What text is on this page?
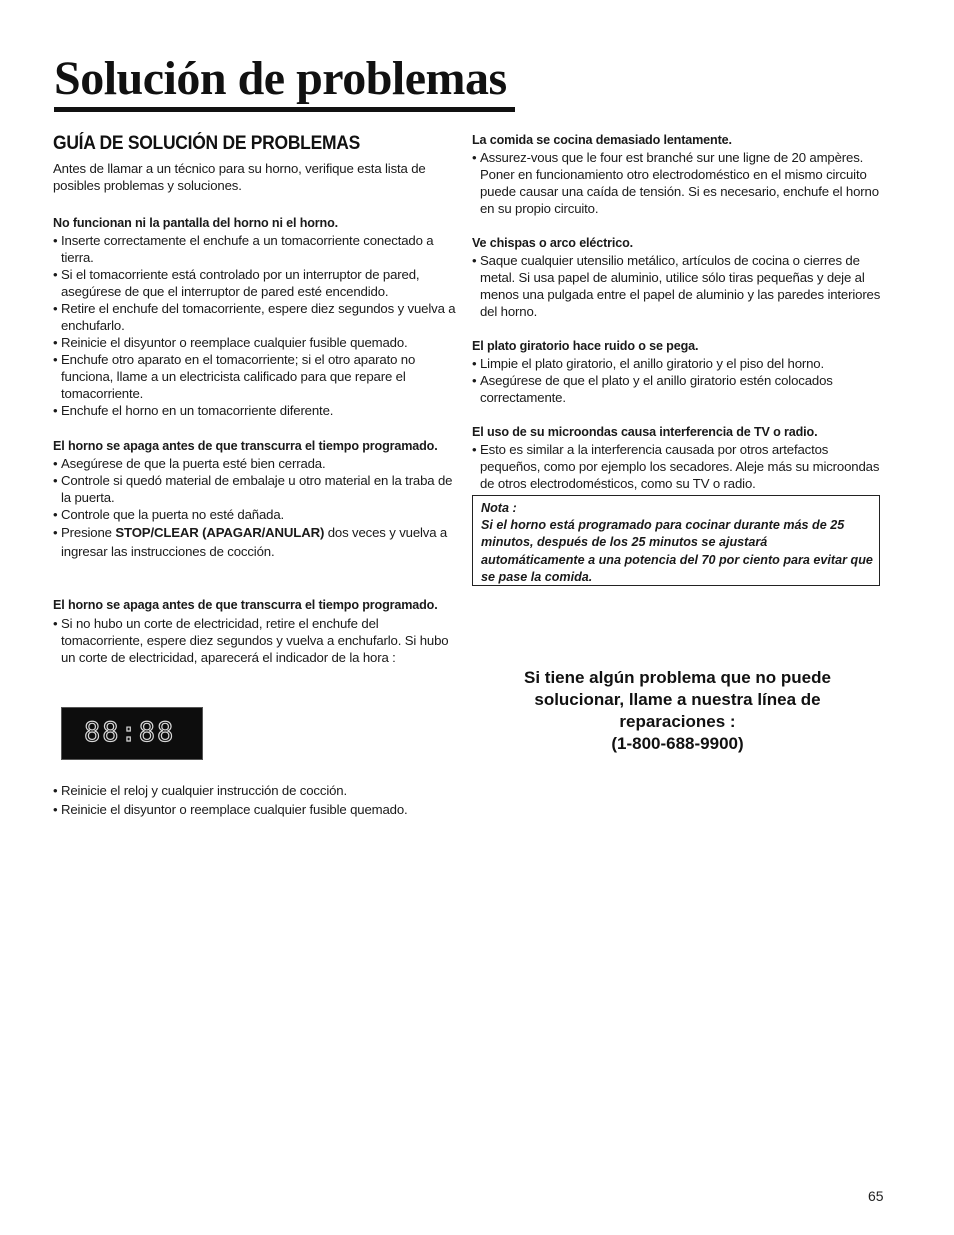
Solución de problemas
GUÍA DE SOLUCIÓN DE PROBLEMAS

Antes de llamar a un técnico para su horno, verifique esta lista de posibles problemas y soluciones.

No funcionan ni la pantalla del horno ni el horno.

• Inserte correctamente el enchufe a un tomacorriente conectado a tierra.
• Si el tomacorriente está controlado por un interruptor de pared, asegúrese de que el interruptor de pared esté encendido.
• Retire el enchufe del tomacorriente, espere diez segundos y vuelva a enchufarlo.
• Reinicie el disyuntor o reemplace cualquier fusible quemado.
• Enchufe otro aparato en el tomacorriente; si el otro aparato no funciona, llame a un electricista calificado para que repare el tomacorriente.
• Enchufe el horno en un tomacorriente diferente.

El horno se apaga antes de que transcurra el tiempo programado.

• Asegúrese de que la puerta esté bien cerrada.
• Controle si quedó material de embalaje u otro material en la traba de la puerta.
• Controle que la puerta no esté dañada.
• Presione STOP/CLEAR (APAGAR/ANULAR) dos veces y vuelva a ingresar las instrucciones de cocción.

El horno se apaga antes de que transcurra el tiempo programado.

• Si no hubo un corte de electricidad, retire el enchufe del tomacorriente, espere diez segundos y vuelva a enchufarlo. Si hubo un corte de electricidad, aparecerá el indicador de la hora :
88:88
• Reinicie el reloj y cualquier instrucción de cocción.
• Reinicie el disyuntor o reemplace cualquier fusible quemado.

La comida se cocina demasiado lentamente.

• Assurez-vous que le four est branché sur une ligne de 20 ampères. Poner en funcionamiento otro electrodoméstico en el mismo circuito puede causar una caída de tensión. Si es necesario, enchufe el horno en su propio circuito.

Ve chispas o arco eléctrico.

• Saque cualquier utensilio metálico, artículos de cocina o cierres de metal. Si usa papel de aluminio, utilice sólo tiras pequeñas y deje al menos una pulgada entre el papel de aluminio y las paredes interiores del horno.

El plato giratorio hace ruido o se pega.

• Limpie el plato giratorio, el anillo giratorio y el piso del horno.
• Asegúrese de que el plato y el anillo giratorio estén colocados correctamente.

El uso de su microondas causa interferencia de TV o radio.

• Esto es similar a la interferencia causada por otros artefactos pequeños, como por ejemplo los secadores. Aleje más su microondas de otros electrodomésticos, como su TV o radio.
Nota :
Si el horno está programado para cocinar durante más de 25 minutos, después de los 25 minutos se ajustará automáticamente a una potencia del 70 por ciento para evitar que se pase la comida.
Si tiene algún problema que no puede solucionar, llame a nuestra línea de reparaciones :
(1-800-688-9900)
65
